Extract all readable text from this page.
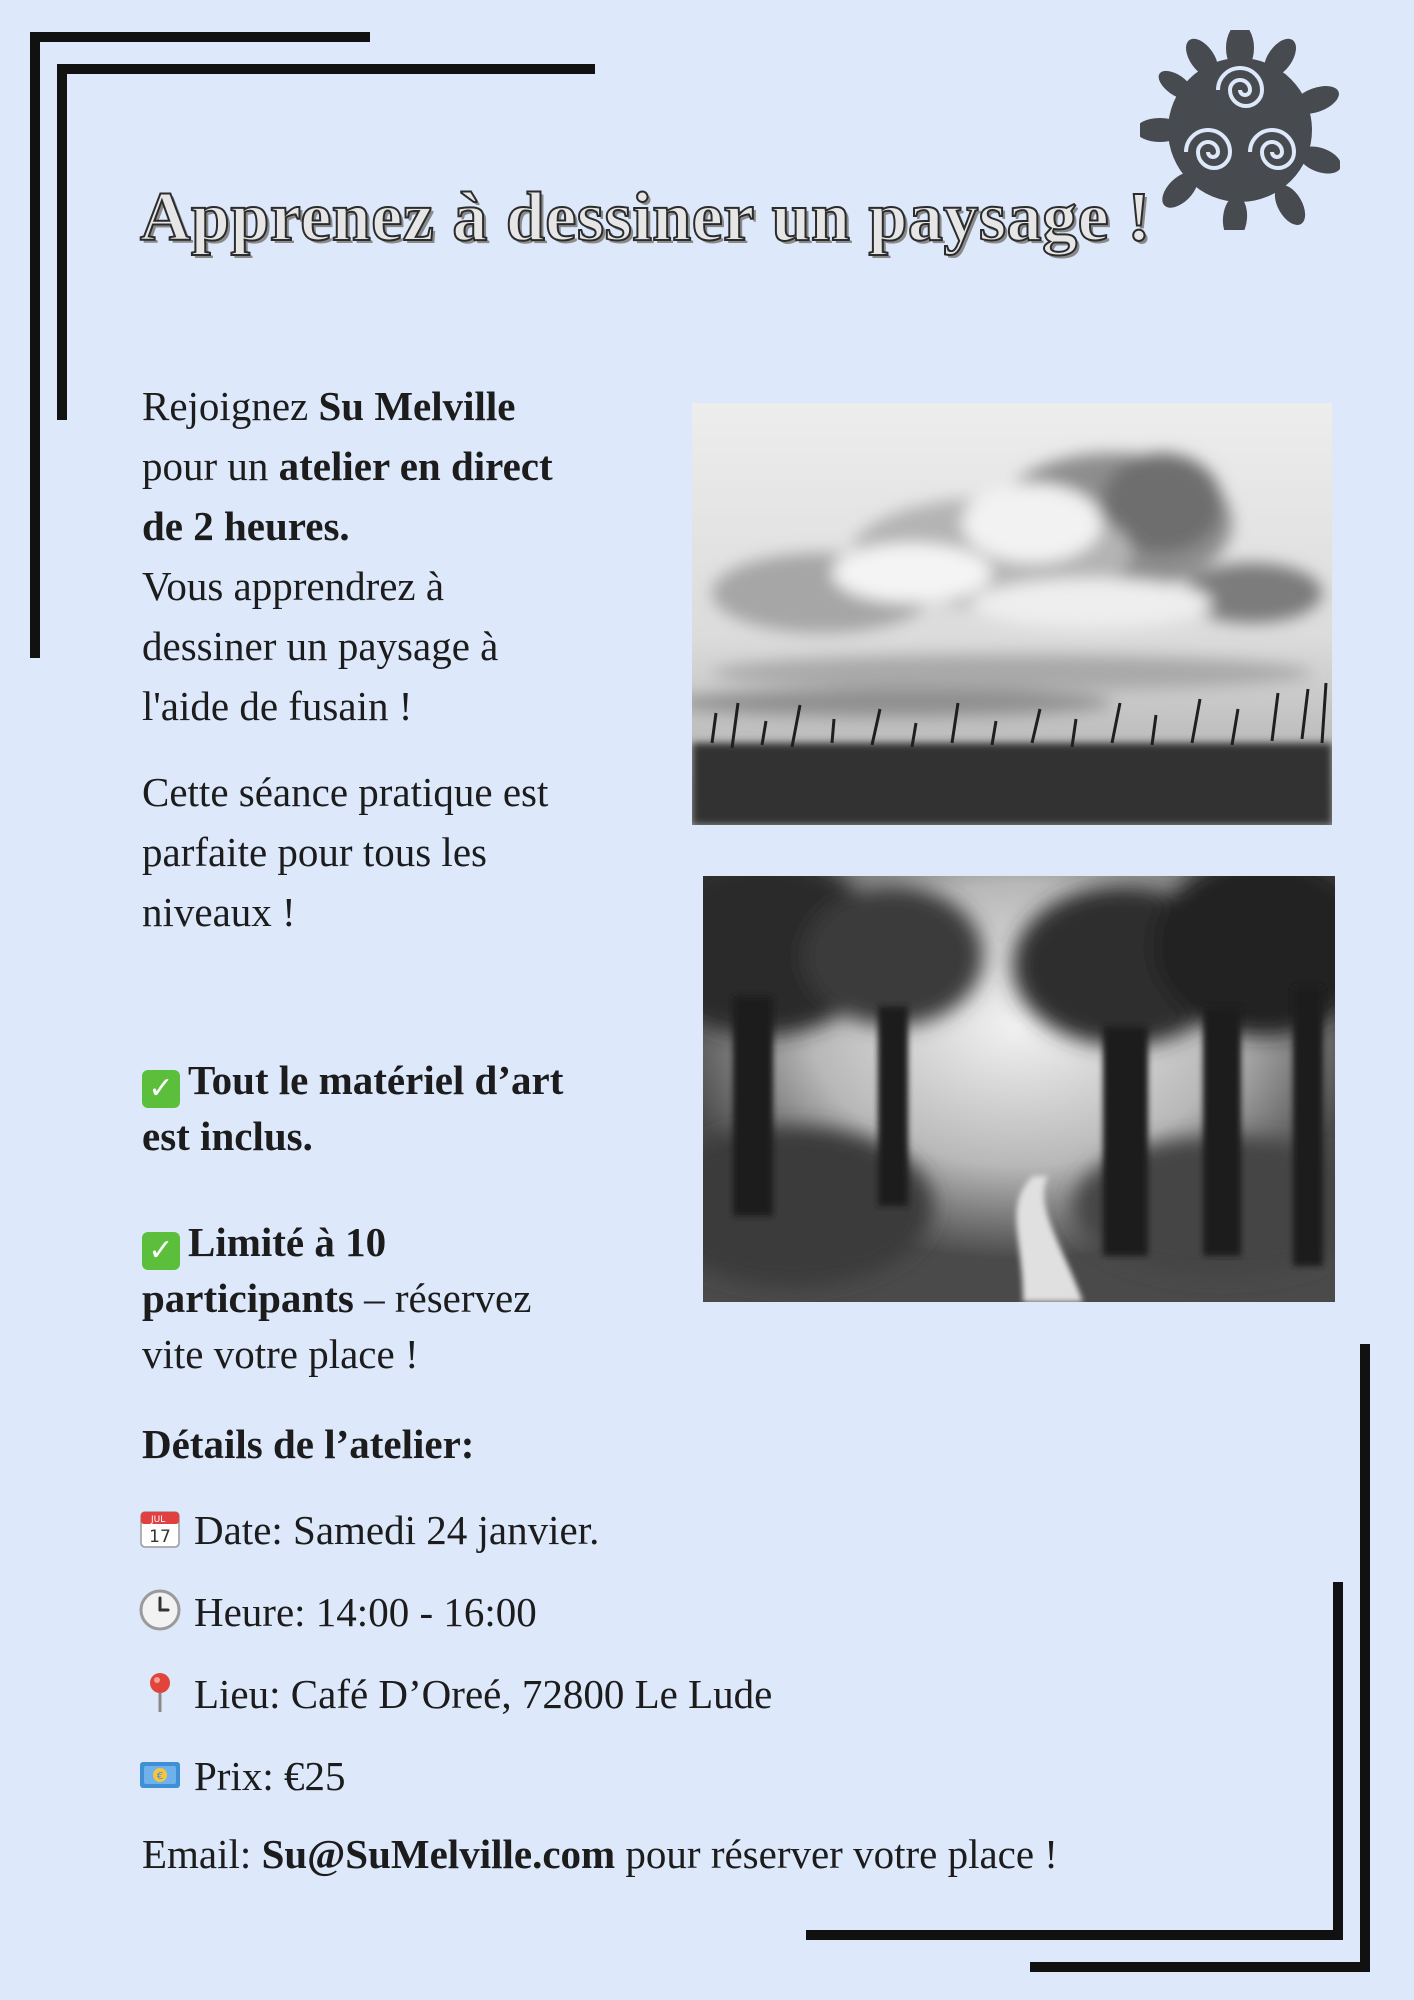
Apprenez à dessiner un paysage !

Rejoignez Su Melville
pour un atelier en direct
de 2 heures.
Vous apprendrez à
dessiner un paysage à
l'aide de fusain !

Cette séance pratique est
parfaite pour tous les
niveaux !

✓ Tout le matériel d’art
est inclus.

✓ Limité à 10
participants – réservez
vite votre place !

Détails de l’atelier:
JUL
17 Date: Samedi 24 janvier.
Heure: 14:00 - 16:00
Lieu: Café D’Oreé, 72800 Le Lude
€ Prix: €25

Email: Su@SuMelville.com pour réserver votre place !
